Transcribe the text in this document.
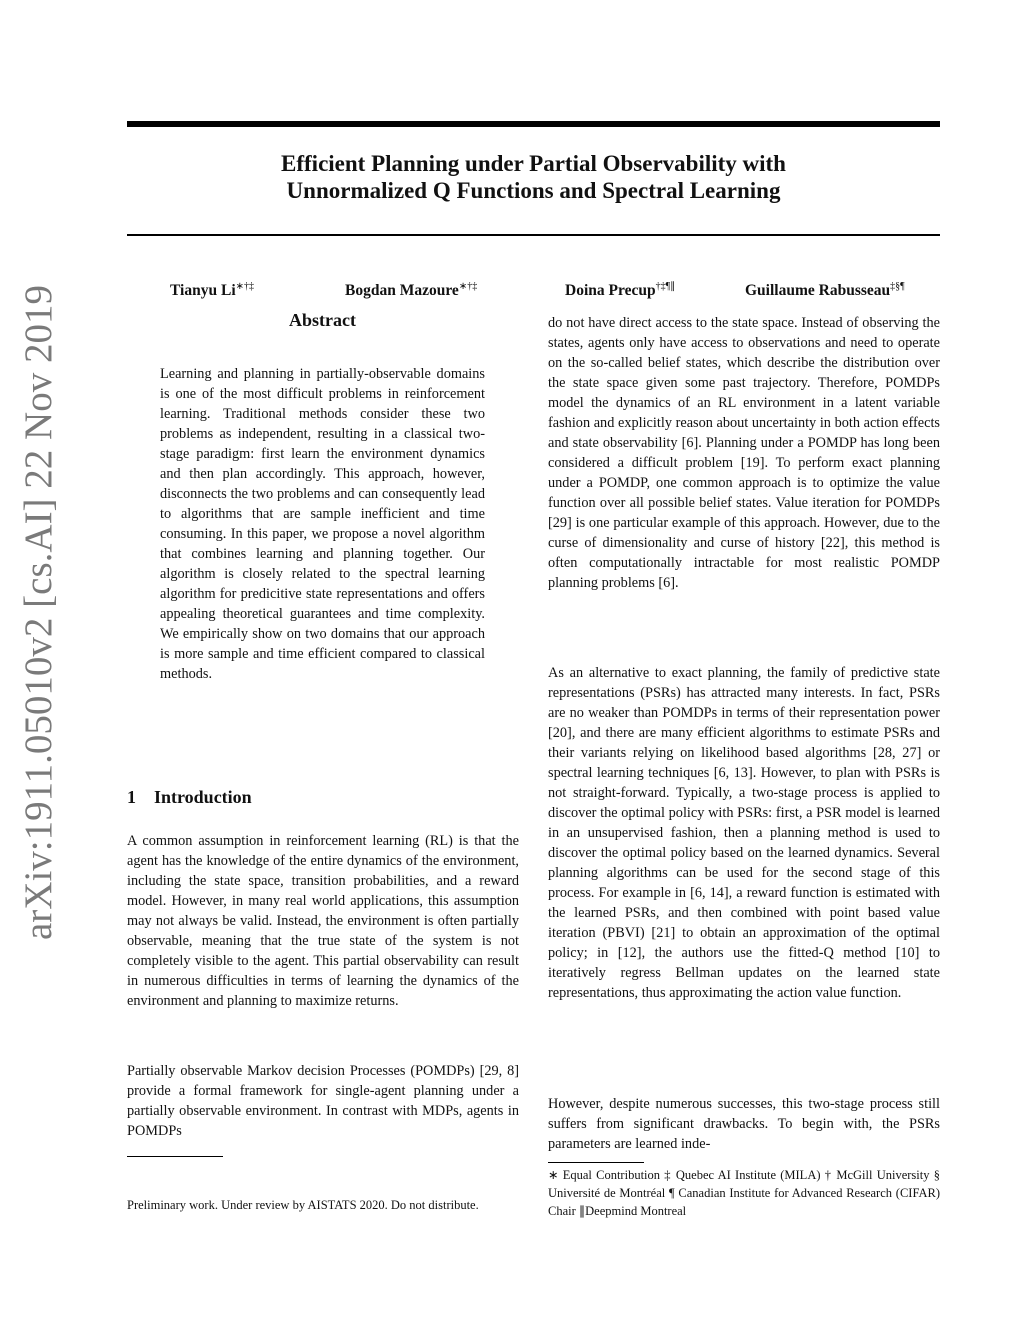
Efficient Planning under Partial Observability with
Unnormalized Q Functions and Spectral Learning
Tianyu Li∗†‡	Bogdan Mazoure∗†‡	Doina Precup†‡¶∥	Guillaume Rabusseau‡§¶
arXiv:1911.05010v2 [cs.AI] 22 Nov 2019	Abstract
Learning and planning in partially-observable domains is one of the most difficult problems in reinforcement learning. Traditional methods consider these two problems as independent, resulting in a classical two-stage paradigm: first learn the environment dynamics and then plan accordingly. This approach, however, disconnects the two problems and can consequently lead to algorithms that are sample inefficient and time consuming. In this paper, we propose a novel algorithm that combines learning and planning together. Our algorithm is closely related to the spectral learning algorithm for predicitive state representations and offers appealing theoretical guarantees and time complexity. We empirically show on two domains that our approach is more sample and time efficient compared to classical methods.
1 Introduction
A common assumption in reinforcement learning (RL) is that the agent has the knowledge of the entire dynamics of the environment, including the state space, transition probabilities, and a reward model. However, in many real world applications, this assumption may not always be valid. Instead, the environment is often partially observable, meaning that the true state of the system is not completely visible to the agent. This partial observability can result in numerous difficulties in terms of learning the dynamics of the environment and planning to maximize returns.
Partially observable Markov decision Processes (POMDPs) [29, 8] provide a formal framework for single-agent planning under a partially observable environment. In contrast with MDPs, agents in POMDPs
Preliminary work. Under review by AISTATS 2020. Do not distribute.
do not have direct access to the state space. Instead of observing the states, agents only have access to observations and need to operate on the so-called belief states, which describe the distribution over the state space given some past trajectory. Therefore, POMDPs model the dynamics of an RL environment in a latent variable fashion and explicitly reason about uncertainty in both action effects and state observability [6]. Planning under a POMDP has long been considered a difficult problem [19]. To perform exact planning under a POMDP, one common approach is to optimize the value function over all possible belief states. Value iteration for POMDPs [29] is one particular example of this approach. However, due to the curse of dimensionality and curse of history [22], this method is often computationally intractable for most realistic POMDP planning problems [6].
As an alternative to exact planning, the family of predictive state representations (PSRs) has attracted many interests. In fact, PSRs are no weaker than POMDPs in terms of their representation power [20], and there are many efficient algorithms to estimate PSRs and their variants relying on likelihood based algorithms [28, 27] or spectral learning techniques [6, 13]. However, to plan with PSRs is not straight-forward. Typically, a two-stage process is applied to discover the optimal policy with PSRs: first, a PSR model is learned in an unsupervised fashion, then a planning method is used to discover the optimal policy based on the learned dynamics. Several planning algorithms can be used for the second stage of this process. For example in [6, 14], a reward function is estimated with the learned PSRs, and then combined with point based value iteration (PBVI) [21] to obtain an approximation of the optimal policy; in [12], the authors use the fitted-Q method [10] to iteratively regress Bellman updates on the learned state representations, thus approximating the action value function.
However, despite numerous successes, this two-stage process still suffers from significant drawbacks. To begin with, the PSRs parameters are learned inde-
∗ Equal Contribution ‡ Quebec AI Institute (MILA) † McGill University § Université de Montréal ¶ Canadian Institute for Advanced Research (CIFAR) Chair ∥Deepmind Montreal
